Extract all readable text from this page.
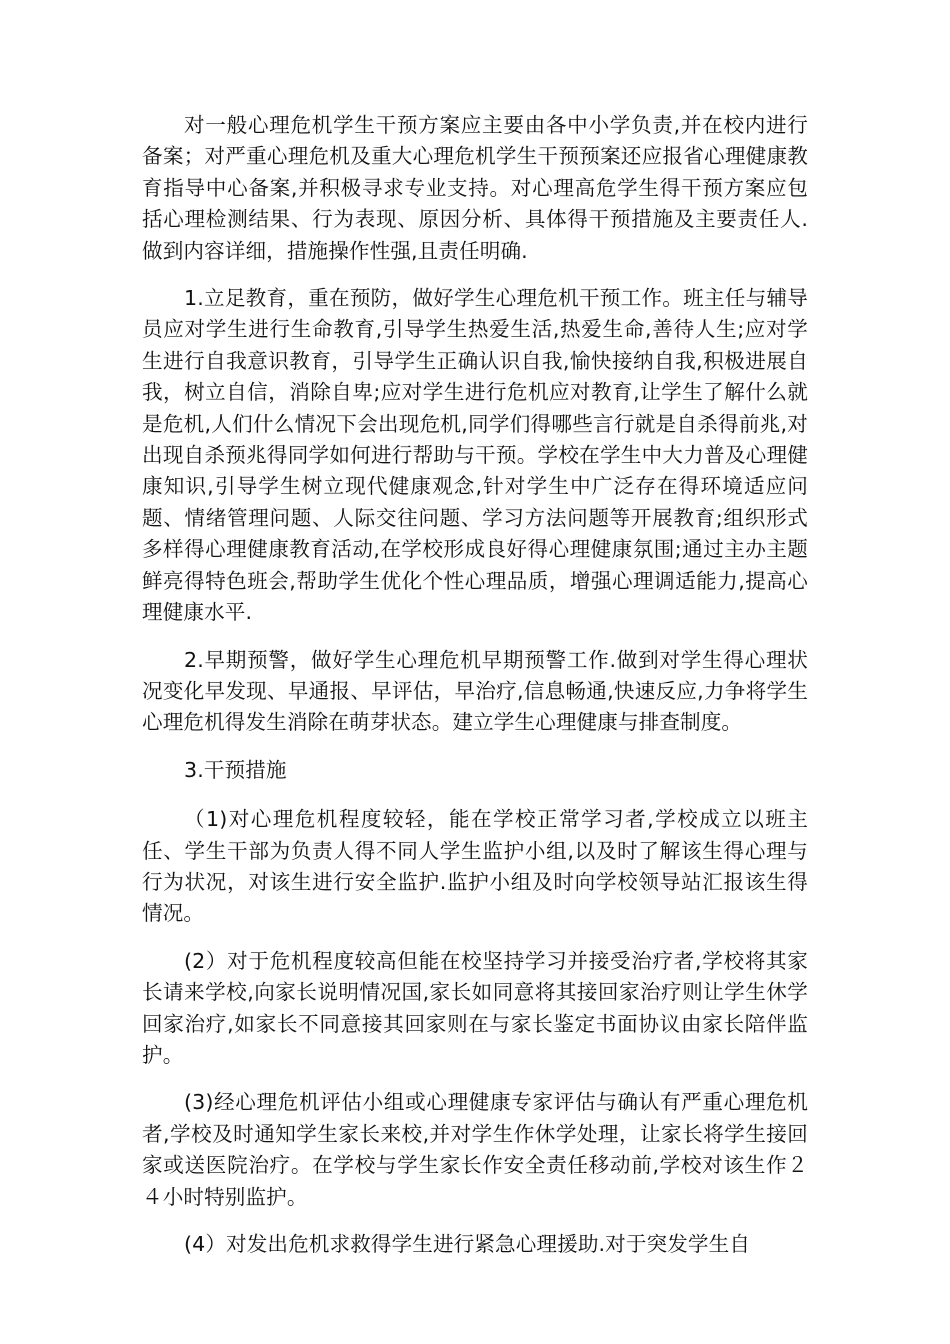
对一般心理危机学生干预方案应主要由各中小学负责,并在校内进行备案；对严重心理危机及重大心理危机学生干预预案还应报省心理健康教育指导中心备案,并积极寻求专业支持。对心理高危学生得干预方案应包括心理检测结果、行为表现、原因分析、具体得干预措施及主要责任人.做到内容详细，措施操作性强,且责任明确.

1.立足教育，重在预防，做好学生心理危机干预工作。班主任与辅导员应对学生进行生命教育,引导学生热爱生活,热爱生命,善待人生;应对学生进行自我意识教育，引导学生正确认识自我,愉快接纳自我,积极进展自我，树立自信，消除自卑;应对学生进行危机应对教育,让学生了解什么就是危机,人们什么情况下会出现危机,同学们得哪些言行就是自杀得前兆,对出现自杀预兆得同学如何进行帮助与干预。学校在学生中大力普及心理健康知识,引导学生树立现代健康观念,针对学生中广泛存在得环境适应问题、情绪管理问题、人际交往问题、学习方法问题等开展教育;组织形式多样得心理健康教育活动,在学校形成良好得心理健康氛围;通过主办主题鲜亮得特色班会,帮助学生优化个性心理品质，增强心理调适能力,提高心理健康水平.

2.早期预警，做好学生心理危机早期预警工作.做到对学生得心理状况变化早发现、早通报、早评估，早治疗,信息畅通,快速反应,力争将学生心理危机得发生消除在萌芽状态。建立学生心理健康与排查制度。

3.干预措施

（1)对心理危机程度较轻，能在学校正常学习者,学校成立以班主任、学生干部为负责人得不同人学生监护小组,以及时了解该生得心理与行为状况，对该生进行安全监护.监护小组及时向学校领导站汇报该生得情况。

(2）对于危机程度较高但能在校坚持学习并接受治疗者,学校将其家长请来学校,向家长说明情况国,家长如同意将其接回家治疗则让学生休学回家治疗,如家长不同意接其回家则在与家长鉴定书面协议由家长陪伴监护。

(3)经心理危机评估小组或心理健康专家评估与确认有严重心理危机者,学校及时通知学生家长来校,并对学生作休学处理，让家长将学生接回家或送医院治疗。在学校与学生家长作安全责任移动前,学校对该生作２４小时特别监护。

(4）对发出危机求救得学生进行紧急心理援助.对于突发学生自
